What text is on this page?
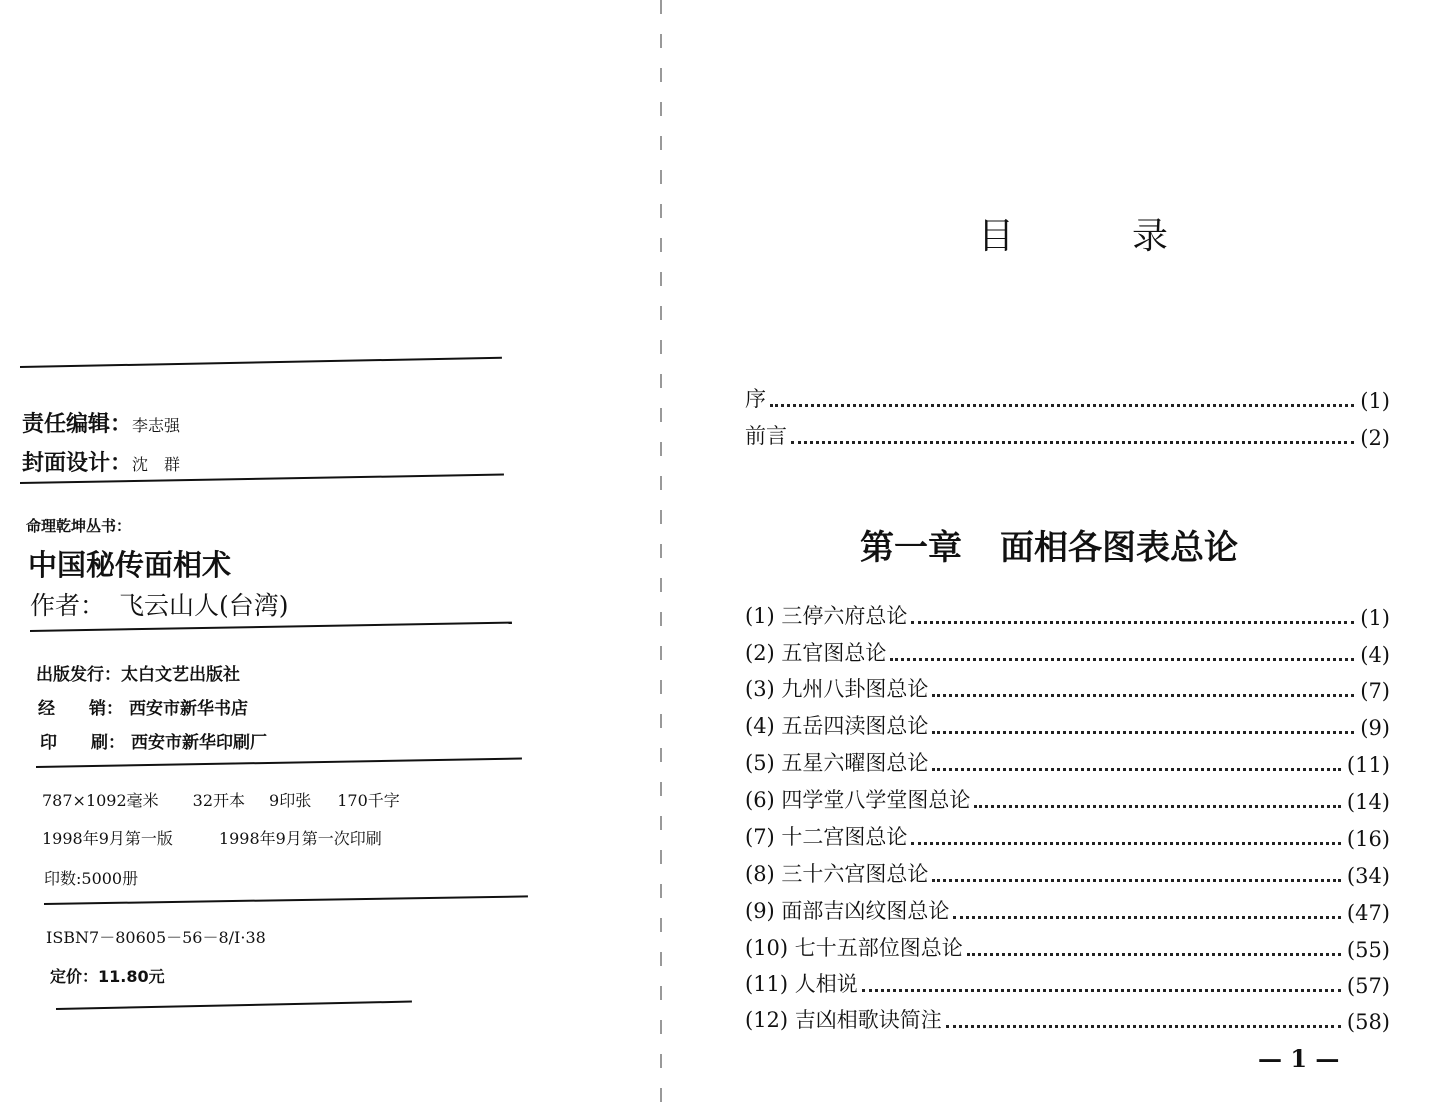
责任编辑：李志强
封面设计：沈　群
命理乾坤丛书：
中国秘传面相术
作者： 飞云山人(台湾)
出版发行：太白文艺出版社
经　　销： 西安市新华书店
印　　刷： 西安市新华印刷厂
787×1092毫米 32开本 9印张 170千字
1998年9月第一版	1998年9月第一次印刷
印数:5000册
ISBN7－80605－56－8/I·38
定价：11.80元
目	录
序	(1)
前言	(2)
第一章 面相各图表总论
(1) 三停六府总论	(1)
(2) 五官图总论	(4)
(3) 九州八卦图总论	(7)
(4) 五岳四渎图总论	(9)
(5) 五星六曜图总论	(11)
(6) 四学堂八学堂图总论	(14)
(7) 十二宫图总论	(16)
(8) 三十六宫图总论	(34)
(9) 面部吉凶纹图总论	(47)
(10) 七十五部位图总论	(55)
(11) 人相说	(57)
(12) 吉凶相歌诀简注	(58)
— 1 —
